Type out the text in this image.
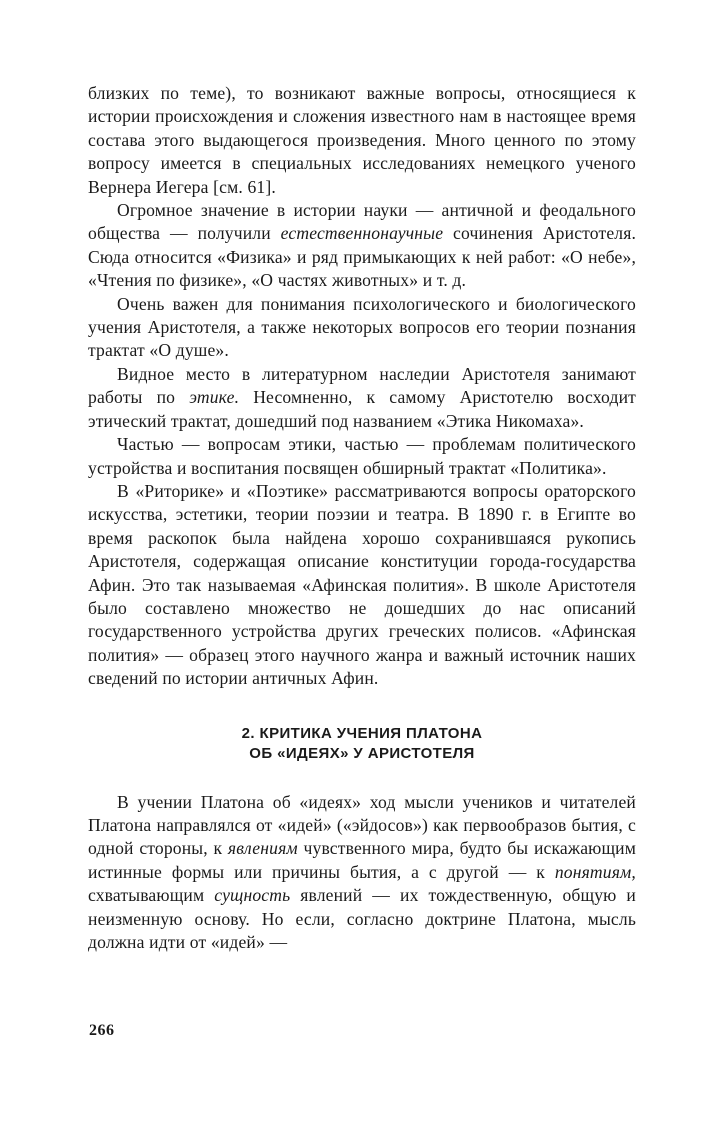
близких по теме), то возникают важные вопросы, относящиеся к истории происхождения и сложения известного нам в настоящее время состава этого выдающегося произведения. Много ценного по этому вопросу имеется в специальных исследованиях немецкого ученого Вернера Иегера [см. 61].

Огромное значение в истории науки — античной и феодального общества — получили естественнонаучные сочинения Аристотеля. Сюда относится «Физика» и ряд примыкающих к ней работ: «О небе», «Чтения по физике», «О частях животных» и т. д.

Очень важен для понимания психологического и биологического учения Аристотеля, а также некоторых вопросов его теории познания трактат «О душе».

Видное место в литературном наследии Аристотеля занимают работы по этике. Несомненно, к самому Аристотелю восходит этический трактат, дошедший под названием «Этика Никомаха».

Частью — вопросам этики, частью — проблемам политического устройства и воспитания посвящен обширный трактат «Политика».

В «Риторике» и «Поэтике» рассматриваются вопросы ораторского искусства, эстетики, теории поэзии и театра. В 1890 г. в Египте во время раскопок была найдена хорошо сохранившаяся рукопись Аристотеля, содержащая описание конституции города-государства Афин. Это так называемая «Афинская полития». В школе Аристотеля было составлено множество не дошедших до нас описаний государственного устройства других греческих полисов. «Афинская полития» — образец этого научного жанра и важный источник наших сведений по истории античных Афин.

2. КРИТИКА УЧЕНИЯ ПЛАТОНА
ОБ «ИДЕЯХ» У АРИСТОТЕЛЯ

В учении Платона об «идеях» ход мысли учеников и читателей Платона направлялся от «идей» («эйдосов») как первообразов бытия, с одной стороны, к явлениям чувственного мира, будто бы искажающим истинные формы или причины бытия, а с другой — к понятиям, схватывающим сущность явлений — их тождественную, общую и неизменную основу. Но если, согласно доктрине Платона, мысль должна идти от «идей» —

266
